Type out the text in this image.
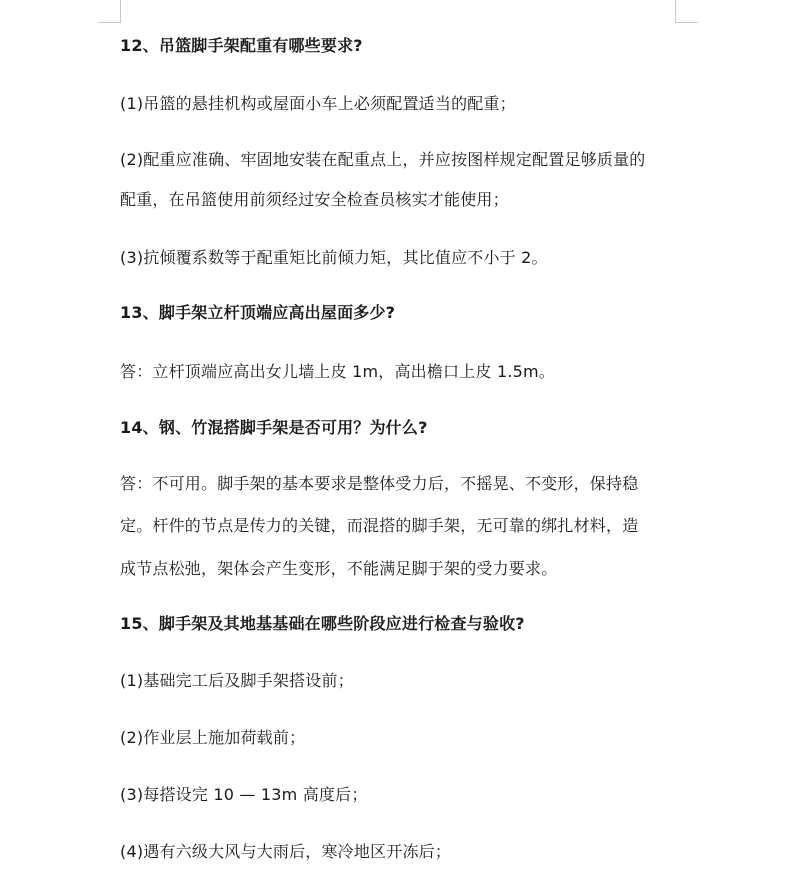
12、吊篮脚手架配重有哪些要求?
(1)吊篮的悬挂机构或屋面小车上必须配置适当的配重；
(2)配重应准确、牢固地安装在配重点上，并应按图样规定配置足够质量的
配重，在吊篮使用前须经过安全检查员核实才能使用；
(3)抗倾覆系数等于配重矩比前倾力矩，其比值应不小于 2。
13、脚手架立杆顶端应高出屋面多少?
答：立杆顶端应高出女儿墙上皮 1m，高出檐口上皮 1.5m。
14、钢、竹混搭脚手架是否可用？为什么?
答：不可用。脚手架的基本要求是整体受力后，不摇晃、不变形，保持稳
定。杆件的节点是传力的关键，而混搭的脚手架，无可靠的绑扎材料，造
成节点松弛，架体会产生变形，不能满足脚于架的受力要求。
15、脚手架及其地基基础在哪些阶段应进行检查与验收?
(1)基础完工后及脚手架搭设前；
(2)作业层上施加荷载前；
(3)每搭设完 10 — 13m 高度后；
(4)遇有六级大风与大雨后，寒冷地区开冻后；
